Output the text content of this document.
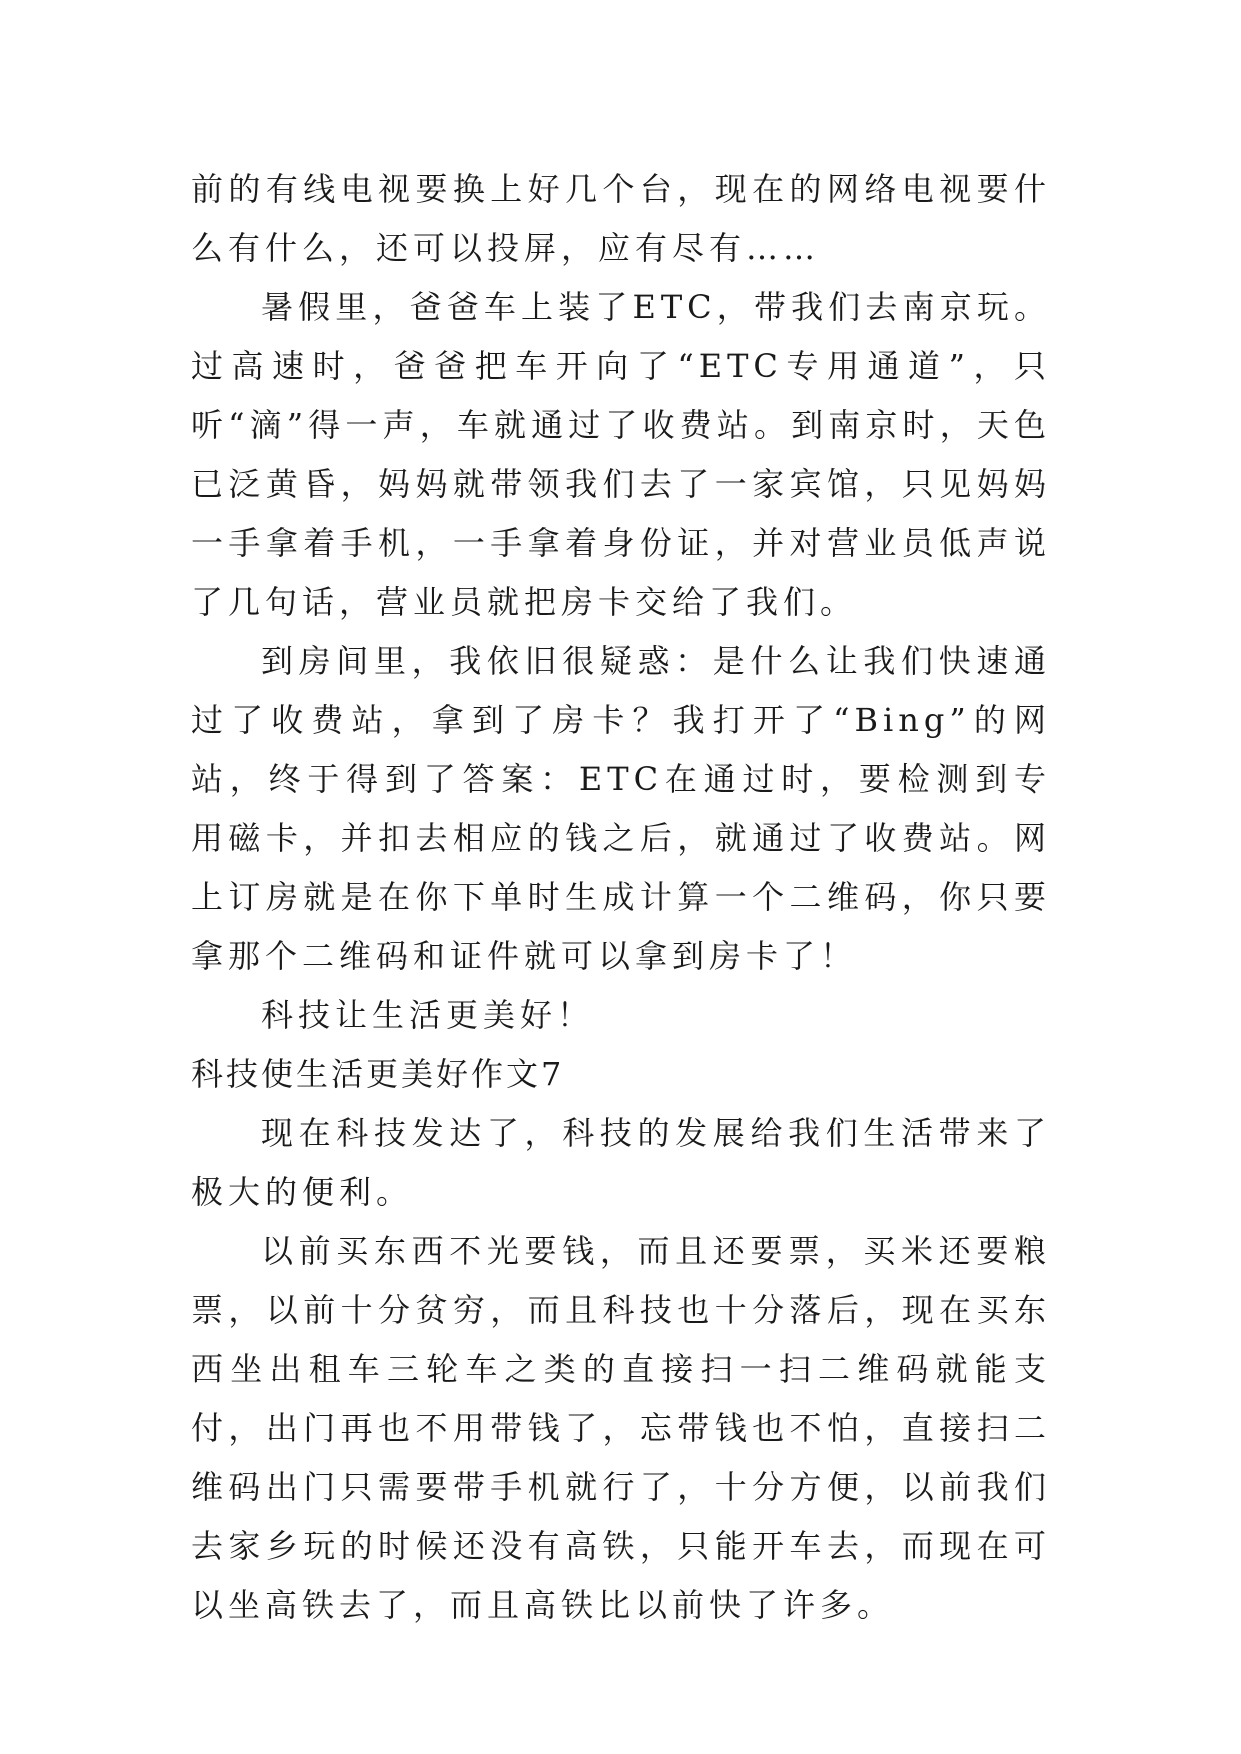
前的有线电视要换上好几个台，现在的网络电视要什么有什么，还可以投屏，应有尽有……

暑假里，爸爸车上装了ETC，带我们去南京玩。过高速时，爸爸把车开向了“ETC专用通道”，只听“滴”得一声，车就通过了收费站。到南京时，天色已泛黄昏，妈妈就带领我们去了一家宾馆，只见妈妈一手拿着手机，一手拿着身份证，并对营业员低声说了几句话，营业员就把房卡交给了我们。

到房间里，我依旧很疑惑：是什么让我们快速通过了收费站，拿到了房卡？我打开了“Bing”的网站，终于得到了答案：ETC在通过时，要检测到专用磁卡，并扣去相应的钱之后，就通过了收费站。网上订房就是在你下单时生成计算一个二维码，你只要拿那个二维码和证件就可以拿到房卡了！

科技让生活更美好！

科技使生活更美好作文7

现在科技发达了，科技的发展给我们生活带来了极大的便利。

以前买东西不光要钱，而且还要票，买米还要粮票，以前十分贫穷，而且科技也十分落后，现在买东西坐出租车三轮车之类的直接扫一扫二维码就能支付，出门再也不用带钱了，忘带钱也不怕，直接扫二维码出门只需要带手机就行了，十分方便，以前我们去家乡玩的时候还没有高铁，只能开车去，而现在可以坐高铁去了，而且高铁比以前快了许多。
